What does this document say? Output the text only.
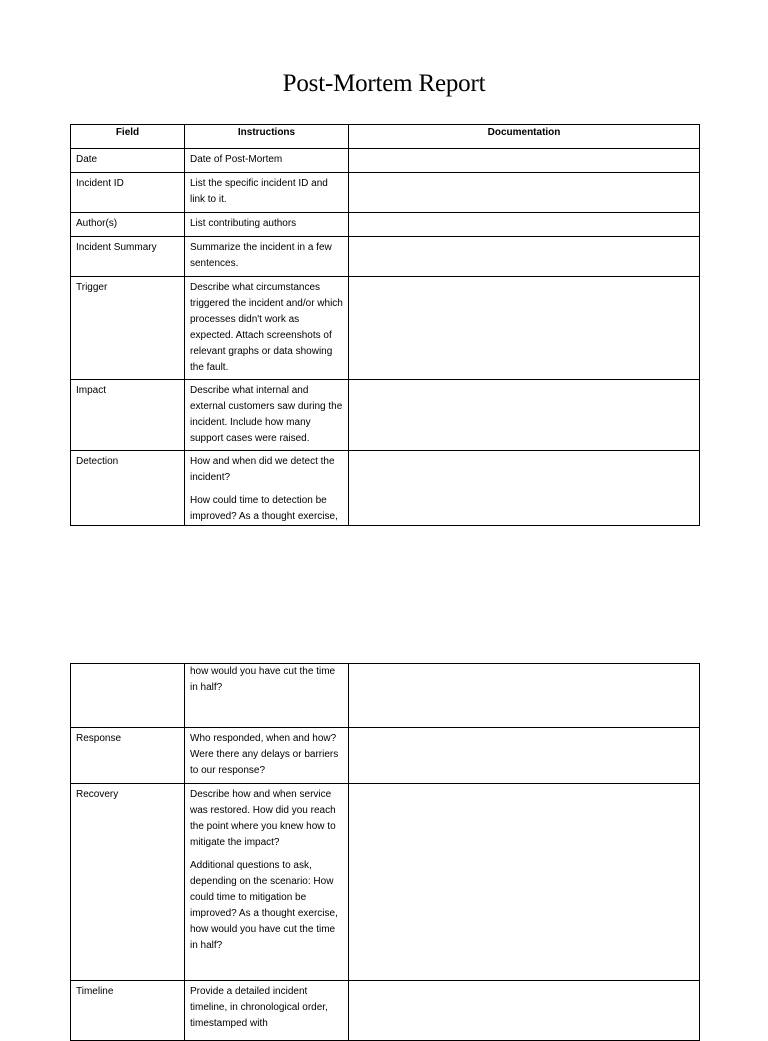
Post-Mortem Report
Field	Instructions	Documentation
Date	Date of Post-Mortem	

Incident ID	List the specific incident ID and link to it.	

Author(s)	List contributing authors	

Incident Summary	Summarize the incident in a few sentences.	

Trigger	Describe what circumstances triggered the incident and/or which processes didn't work as expected. Attach screenshots of relevant graphs or data showing the fault.	

Impact	Describe what internal and external customers saw during the incident. Include how many support cases were raised.	

Detection	How and when did we detect the incident?
How could time to detection be improved? As a thought exercise,	

	how would you have cut the time in half?	

Response	Who responded, when and how? Were there any delays or barriers to our response?	

Recovery	Describe how and when service was restored. How did you reach the point where you knew how to mitigate the impact?
Additional questions to ask, depending on the scenario: How could time to mitigation be improved? As a thought exercise, how would you have cut the time in half?	

Timeline	Provide a detailed incident timeline, in chronological order, timestamped with	
